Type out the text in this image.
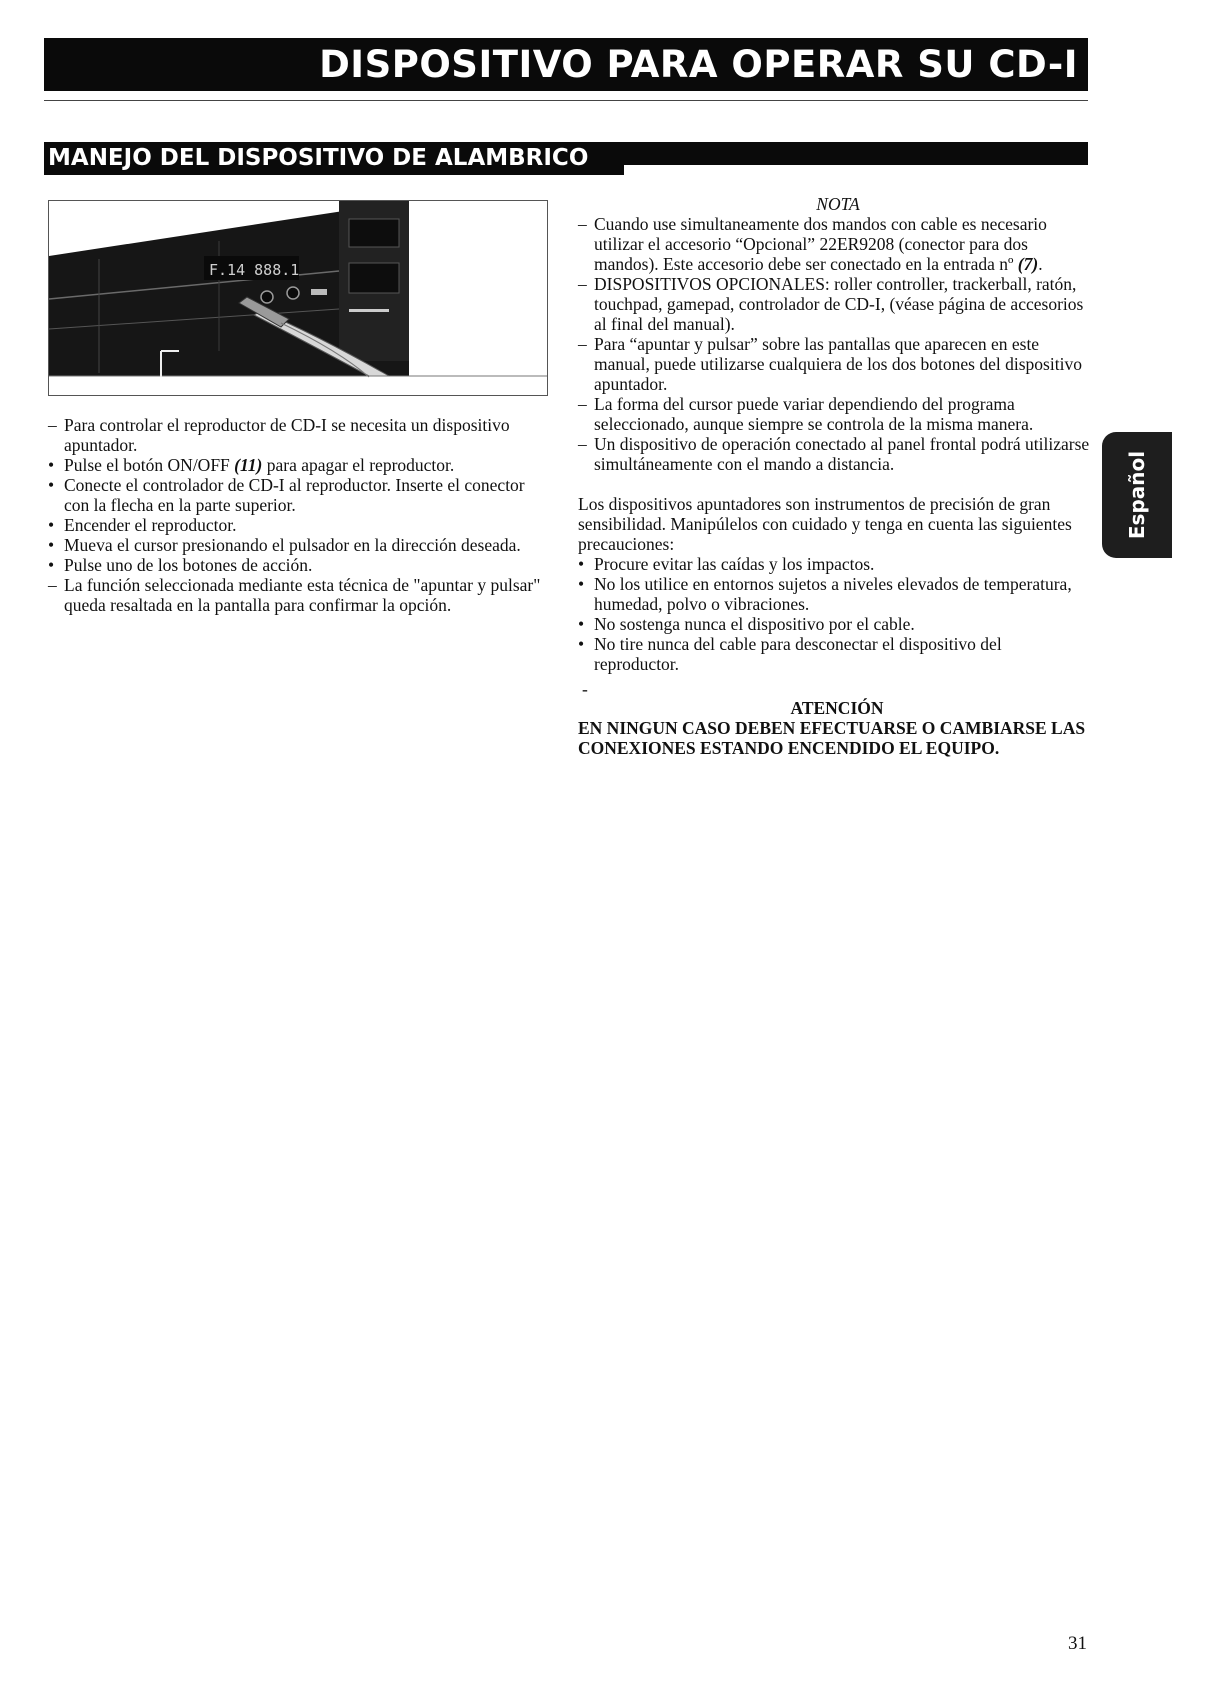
DISPOSITIVO PARA OPERAR SU CD-I
MANEJO DEL DISPOSITIVO DE ALAMBRICO
F.14 888.1
– Para controlar el reproductor de CD-I se necesita un dispositivo apuntador.
• Pulse el botón ON/OFF (11) para apagar el reproductor.
• Conecte el controlador de CD-I al reproductor. Inserte el conector con la flecha en la parte superior.
• Encender el reproductor.
• Mueva el cursor presionando el pulsador en la dirección deseada.
• Pulse uno de los botones de acción.
– La función seleccionada mediante esta técnica de "apuntar y pulsar" queda resaltada en la pantalla para confirmar la opción.
NOTA
– Cuando use simultaneamente dos mandos con cable es necesario utilizar el accesorio “Opcional” 22ER9208 (conector para dos mandos). Este accesorio debe ser conectado en la entrada nº (7).
– DISPOSITIVOS OPCIONALES: roller controller, trackerball, ratón, touchpad, gamepad, controlador de CD-I, (véase página de accesorios al final del manual).
– Para “apuntar y pulsar” sobre las pantallas que aparecen en este manual, puede utilizarse cualquiera de los dos botones del dispositivo apuntador.
– La forma del cursor puede variar dependiendo del programa seleccionado, aunque siempre se controla de la misma manera.
– Un dispositivo de operación conectado al panel frontal podrá utilizarse simultáneamente con el mando a distancia.
Los dispositivos apuntadores son instrumentos de precisión de gran sensibilidad. Manipúlelos con cuidado y tenga en cuenta las siguientes precauciones:
• Procure evitar las caídas y los impactos.
• No los utilice en entornos sujetos a niveles elevados de temperatura, humedad, polvo o vibraciones.
• No sostenga nunca el dispositivo por el cable.
• No tire nunca del cable para desconectar el dispositivo del reproductor.
-
ATENCIÓN
EN NINGUN CASO DEBEN EFECTUARSE O CAMBIARSE LAS CONEXIONES ESTANDO ENCENDIDO EL EQUIPO.
Español
31
